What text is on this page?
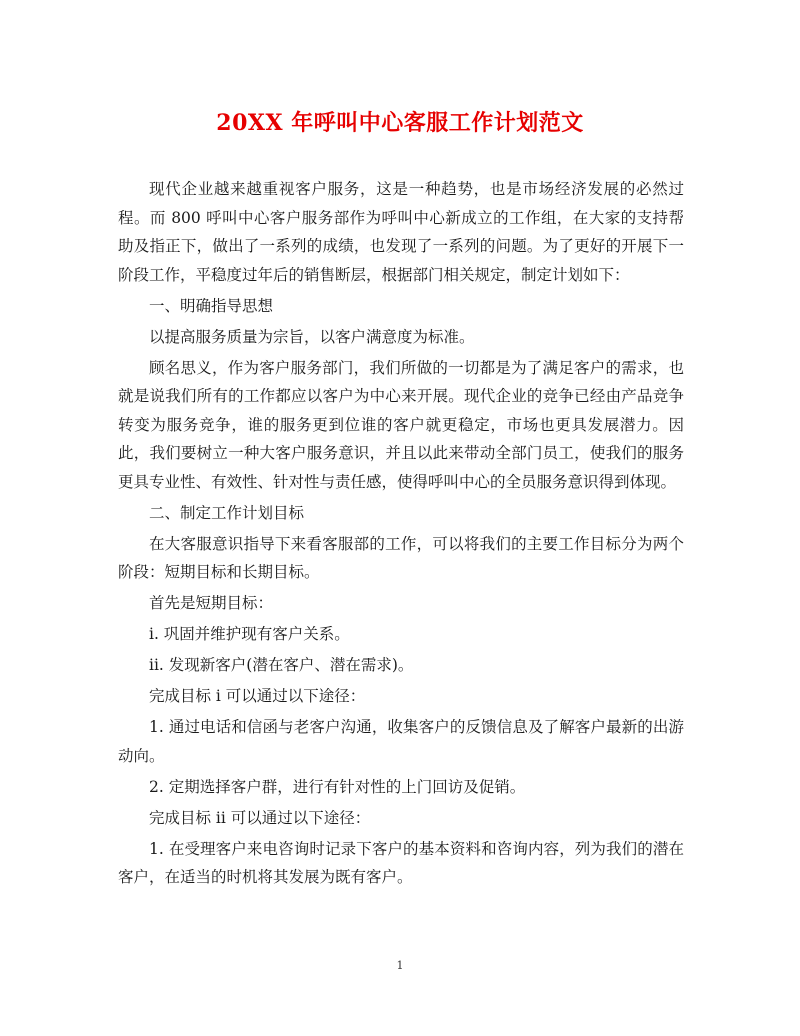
20XX 年呼叫中心客服工作计划范文

现代企业越来越重视客户服务，这是一种趋势，也是市场经济发展的必然过程。而 800 呼叫中心客户服务部作为呼叫中心新成立的工作组，在大家的支持帮助及指正下，做出了一系列的成绩，也发现了一系列的问题。为了更好的开展下一阶段工作，平稳度过年后的销售断层，根据部门相关规定，制定计划如下：

一、明确指导思想

以提高服务质量为宗旨，以客户满意度为标准。

顾名思义，作为客户服务部门，我们所做的一切都是为了满足客户的需求，也就是说我们所有的工作都应以客户为中心来开展。现代企业的竞争已经由产品竞争转变为服务竞争，谁的服务更到位谁的客户就更稳定，市场也更具发展潜力。因此，我们要树立一种大客户服务意识，并且以此来带动全部门员工，使我们的服务更具专业性、有效性、针对性与责任感，使得呼叫中心的全员服务意识得到体现。

二、制定工作计划目标

在大客服意识指导下来看客服部的工作，可以将我们的主要工作目标分为两个阶段：短期目标和长期目标。

首先是短期目标：

i. 巩固并维护现有客户关系。

ii. 发现新客户(潜在客户、潜在需求)。

完成目标 i 可以通过以下途径：

1. 通过电话和信函与老客户沟通，收集客户的反馈信息及了解客户最新的出游动向。

2. 定期选择客户群，进行有针对性的上门回访及促销。

完成目标 ii 可以通过以下途径：

1. 在受理客户来电咨询时记录下客户的基本资料和咨询内容，列为我们的潜在客户，在适当的时机将其发展为既有客户。

1
